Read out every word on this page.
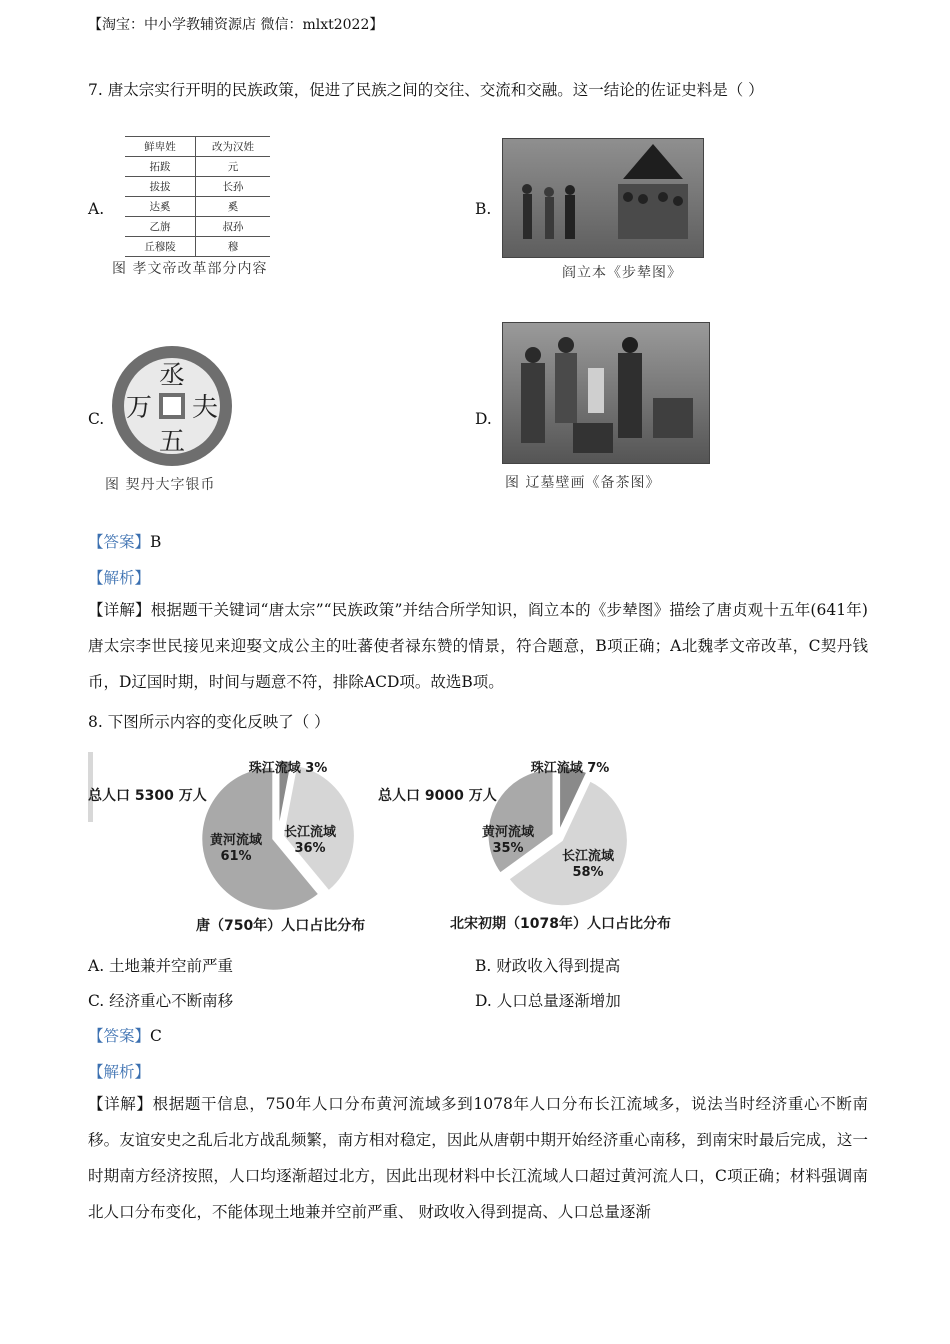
【淘宝：中小学教辅资源店 微信：mlxt2022】
7. 唐太宗实行开明的民族政策，促进了民族之间的交往、交流和交融。这一结论的佐证史料是（ ）
A.
鲜卑姓	改为汉姓
拓跋	元
拔拔	长孙
达奚	奚
乙旃	叔孙
丘穆陵	穆
图 孝文帝改革部分内容
B.
阎立本《步辇图》
C.
丞
夫
五
万
图 契丹大字银币
D.
图 辽墓壁画《备茶图》
【答案】B
【解析】
【详解】根据题干关键词“唐太宗”“民族政策”并结合所学知识，阎立本的《步辇图》描绘了唐贞观十五年(641年)唐太宗李世民接见来迎娶文成公主的吐蕃使者禄东赞的情景，符合题意，B项正确；A北魏孝文帝改革，C契丹钱币，D辽国时期，时间与题意不符，排除ACD项。故选B项。
8. 下图所示内容的变化反映了（ ）
珠江流域 3%
长江流域 36%
黄河流域 61%
总人口 5300 万人
唐（750年）人口占比分布
珠江流域 7%
长江流域 58%
黄河流域 35%
总人口 9000 万人
北宋初期（1078年）人口占比分布
A. 土地兼并空前严重	B. 财政收入得到提高
C. 经济重心不断南移	D. 人口总量逐渐增加
【答案】C
【解析】
【详解】根据题干信息，750年人口分布黄河流域多到1078年人口分布长江流域多，说法当时经济重心不断南移。友谊安史之乱后北方战乱频繁，南方相对稳定，因此从唐朝中期开始经济重心南移，到南宋时最后完成，这一时期南方经济按照，人口均逐渐超过北方，因此出现材料中长江流域人口超过黄河流人口，C项正确；材料强调南北人口分布变化，不能体现土地兼并空前严重、 财政收入得到提高、人口总量逐渐
